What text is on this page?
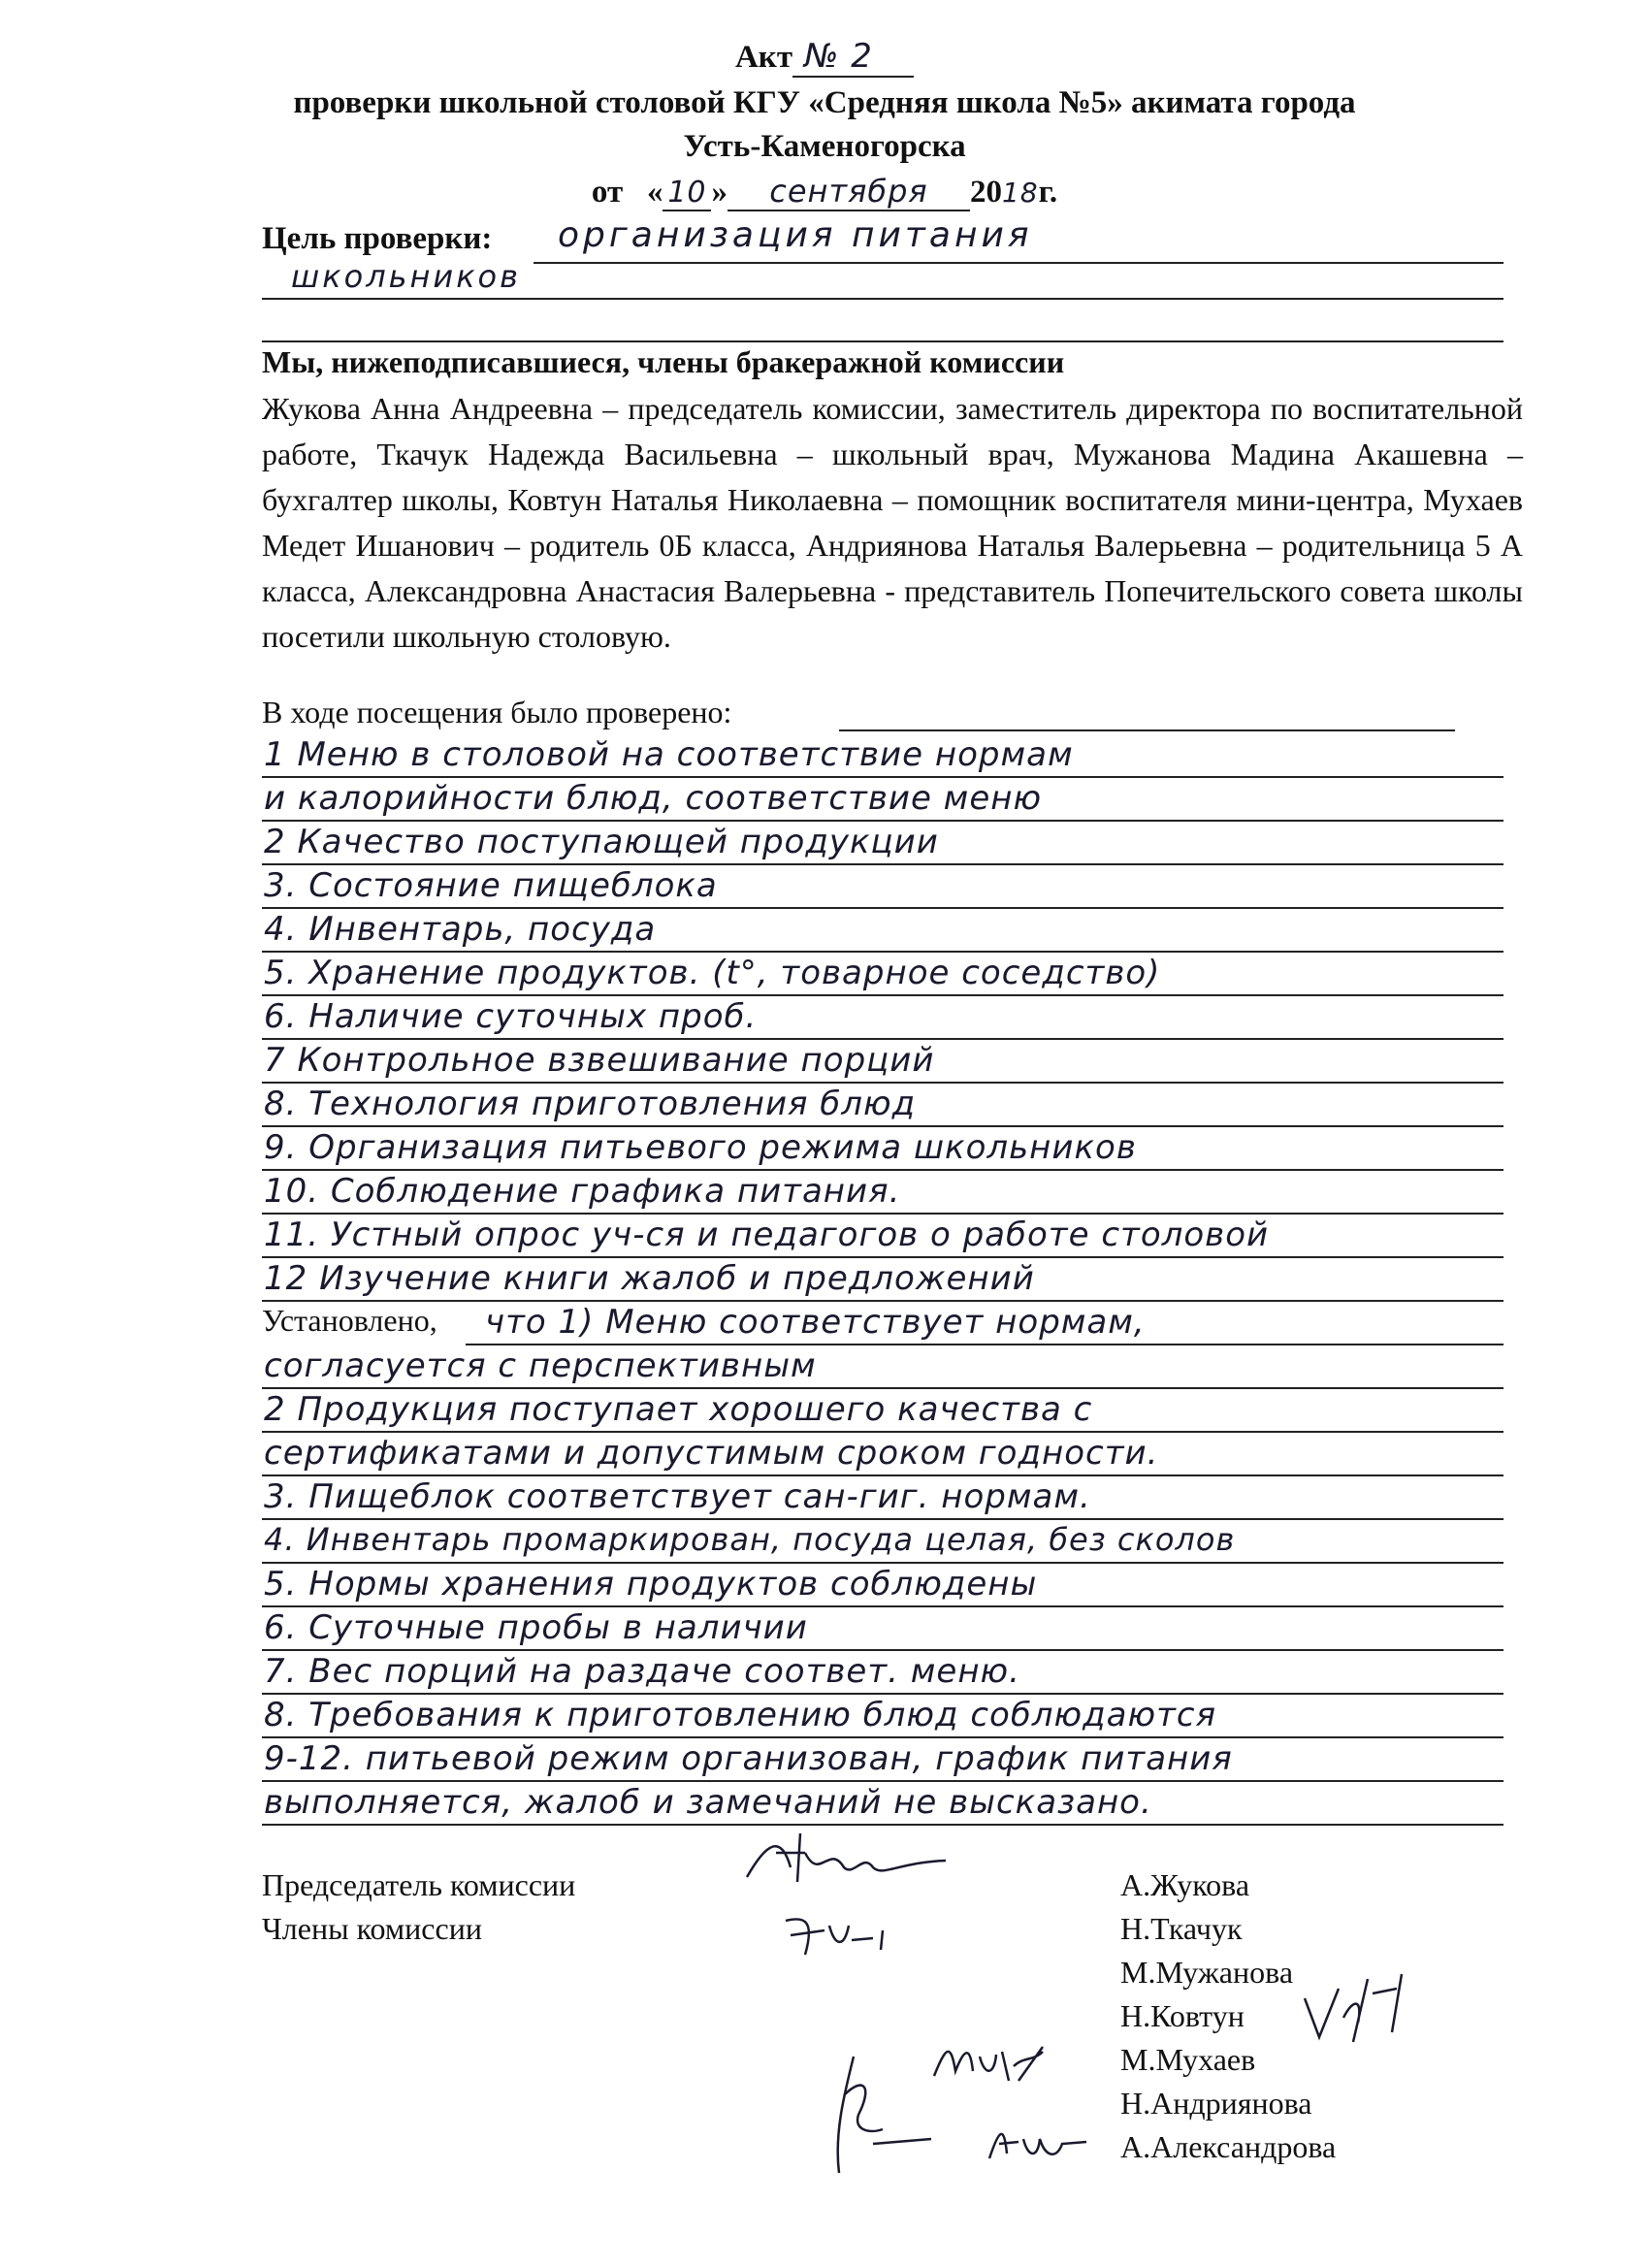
Акт № 2
проверки школьной столовой КГУ «Средняя школа №5» акимата города
Усть-Каменогорска
от « 10 » сентября 2018г.
Цель проверки: организация питания
школьников
Мы, нижеподписавшиеся, члены бракеражной комиссии
Жукова Анна Андреевна – председатель комиссии, заместитель директора по воспитательной работе, Ткачук Надежда Васильевна – школьный врач, Мужанова Мадина Акашевна – бухгалтер школы, Ковтун Наталья Николаевна – помощник воспитателя мини-центра, Мухаев Медет Ишанович – родитель 0Б класса, Андриянова Наталья Валерьевна – родительница 5 А класса, Александровна Анастасия Валерьевна - представитель Попечительского совета школы посетили школьную столовую.
В ходе посещения было проверено:
1 Меню в столовой на соответствие нормам
и калорийности блюд, соответствие меню
2 Качество поступающей продукции
3. Состояние пищеблока
4. Инвентарь, посуда
5. Хранение продуктов. (t°, товарное соседство)
6. Наличие суточных проб.
7 Контрольное взвешивание порций
8. Технология приготовления блюд
9. Организация питьевого режима школьников
10. Соблюдение графика питания.
11. Устный опрос уч-ся и педагогов о работе столовой
12 Изучение книги жалоб и предложений
Установлено, что 1) Меню соответствует нормам,
согласуется с перспективным
2 Продукция поступает хорошего качества с
сертификатами и допустимым сроком годности.
3. Пищеблок соответствует сан-гиг. нормам.
4. Инвентарь промаркирован, посуда целая, без сколов
5. Нормы хранения продуктов соблюдены
6. Суточные пробы в наличии
7. Вес порций на раздаче соответ. меню.
8. Требования к приготовлению блюд соблюдаются
9-12. питьевой режим организован, график питания
выполняется, жалоб и замечаний не высказано.
Председатель комиссии
Члены комиссии
А.Жукова
Н.Ткачук
М.Мужанова
Н.Ковтун
М.Мухаев
Н.Андриянова
А.Александрова
